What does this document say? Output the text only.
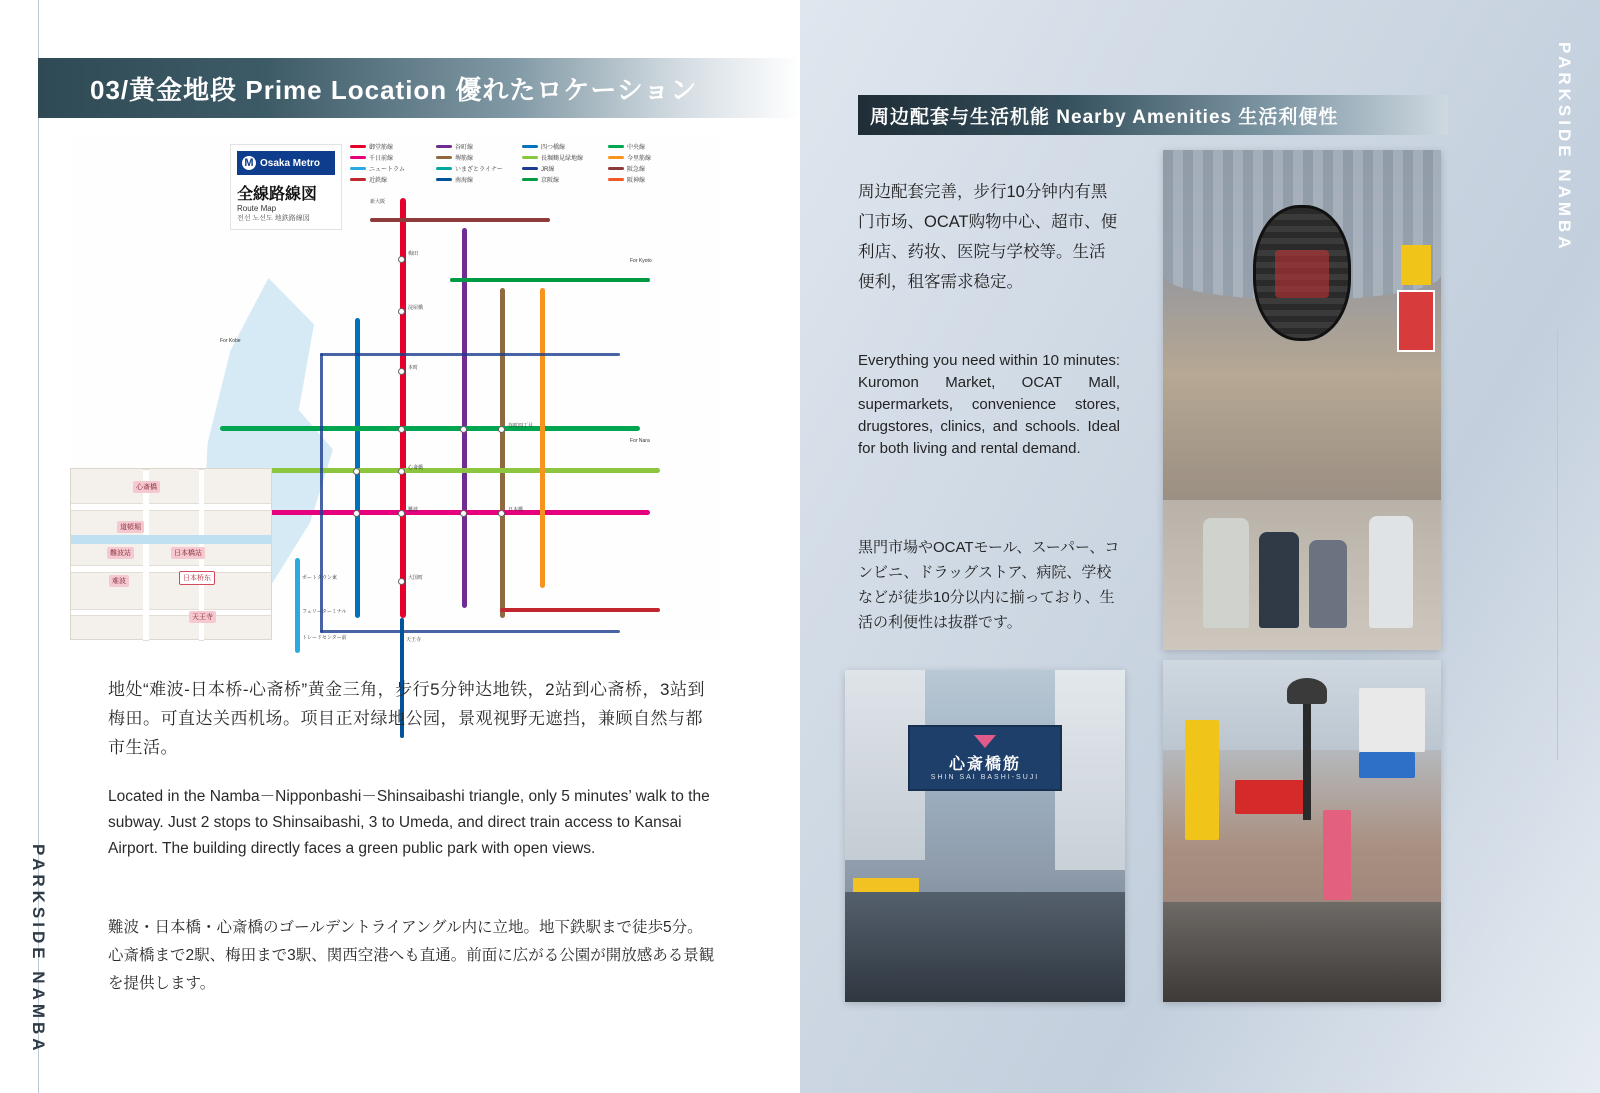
PARKSIDE NAMBA
03/黄金地段 Prime Location 優れたロケーション
M Osaka Metro
全線路線図
Route Map
전선 노선도 地鉄路線図
御堂筋線	谷町線	四つ橋線	中央線
千日前線	堺筋線	長堀鶴見緑地線	今里筋線
ニュートラム	いまざとライナー	JR線	阪急線
近鉄線	南海線	京阪線	阪神線
梅田
淀屋橋
本町
心斎橋
難波
大国町
日本橋
谷町四丁目
新大阪
天王寺
For Kobe
For Nara
For Kyoto
ポートタウン東
フェリーターミナル
トレードセンター前
心斎橋
道頓堀
難波站	日本橋站
难波	日本桥东
天王寺

地处“难波-日本桥-心斋桥”黄金三角，步行5分钟达地铁，2站到心斋桥，3站到梅田。可直达关西机场。项目正对绿地公园，景观视野无遮挡，兼顾自然与都市生活。

Located in the Namba－Nipponbashi－Shinsaibashi triangle, only 5 minutes’ walk to the subway. Just 2 stops to Shinsaibashi, 3 to Umeda, and direct train access to Kansai Airport. The building directly faces a green public park with open views.

難波・日本橋・心斎橋のゴールデントライアングル内に立地。地下鉄駅まで徒歩5分。心斎橋まで2駅、梅田まで3駅、関西空港へも直通。前面に広がる公園が開放感ある景観を提供します。

PARKSIDE NAMBA
周边配套与生活机能 Nearby Amenities 生活利便性

周边配套完善，步行10分钟内有黑门市场、OCAT购物中心、超市、便利店、药妆、医院与学校等。生活便利，租客需求稳定。

Everything you need within 10 minutes: Kuromon Market, OCAT Mall, supermarkets, convenience stores, drugstores, clinics, and schools. Ideal for both living and rental demand.

黒門市場やOCATモール、スーパー、コンビニ、ドラッグストア、病院、学校などが徒歩10分以内に揃っており、生活の利便性は抜群です。

心斎橋筋
SHIN SAI BASHI-SUJI
